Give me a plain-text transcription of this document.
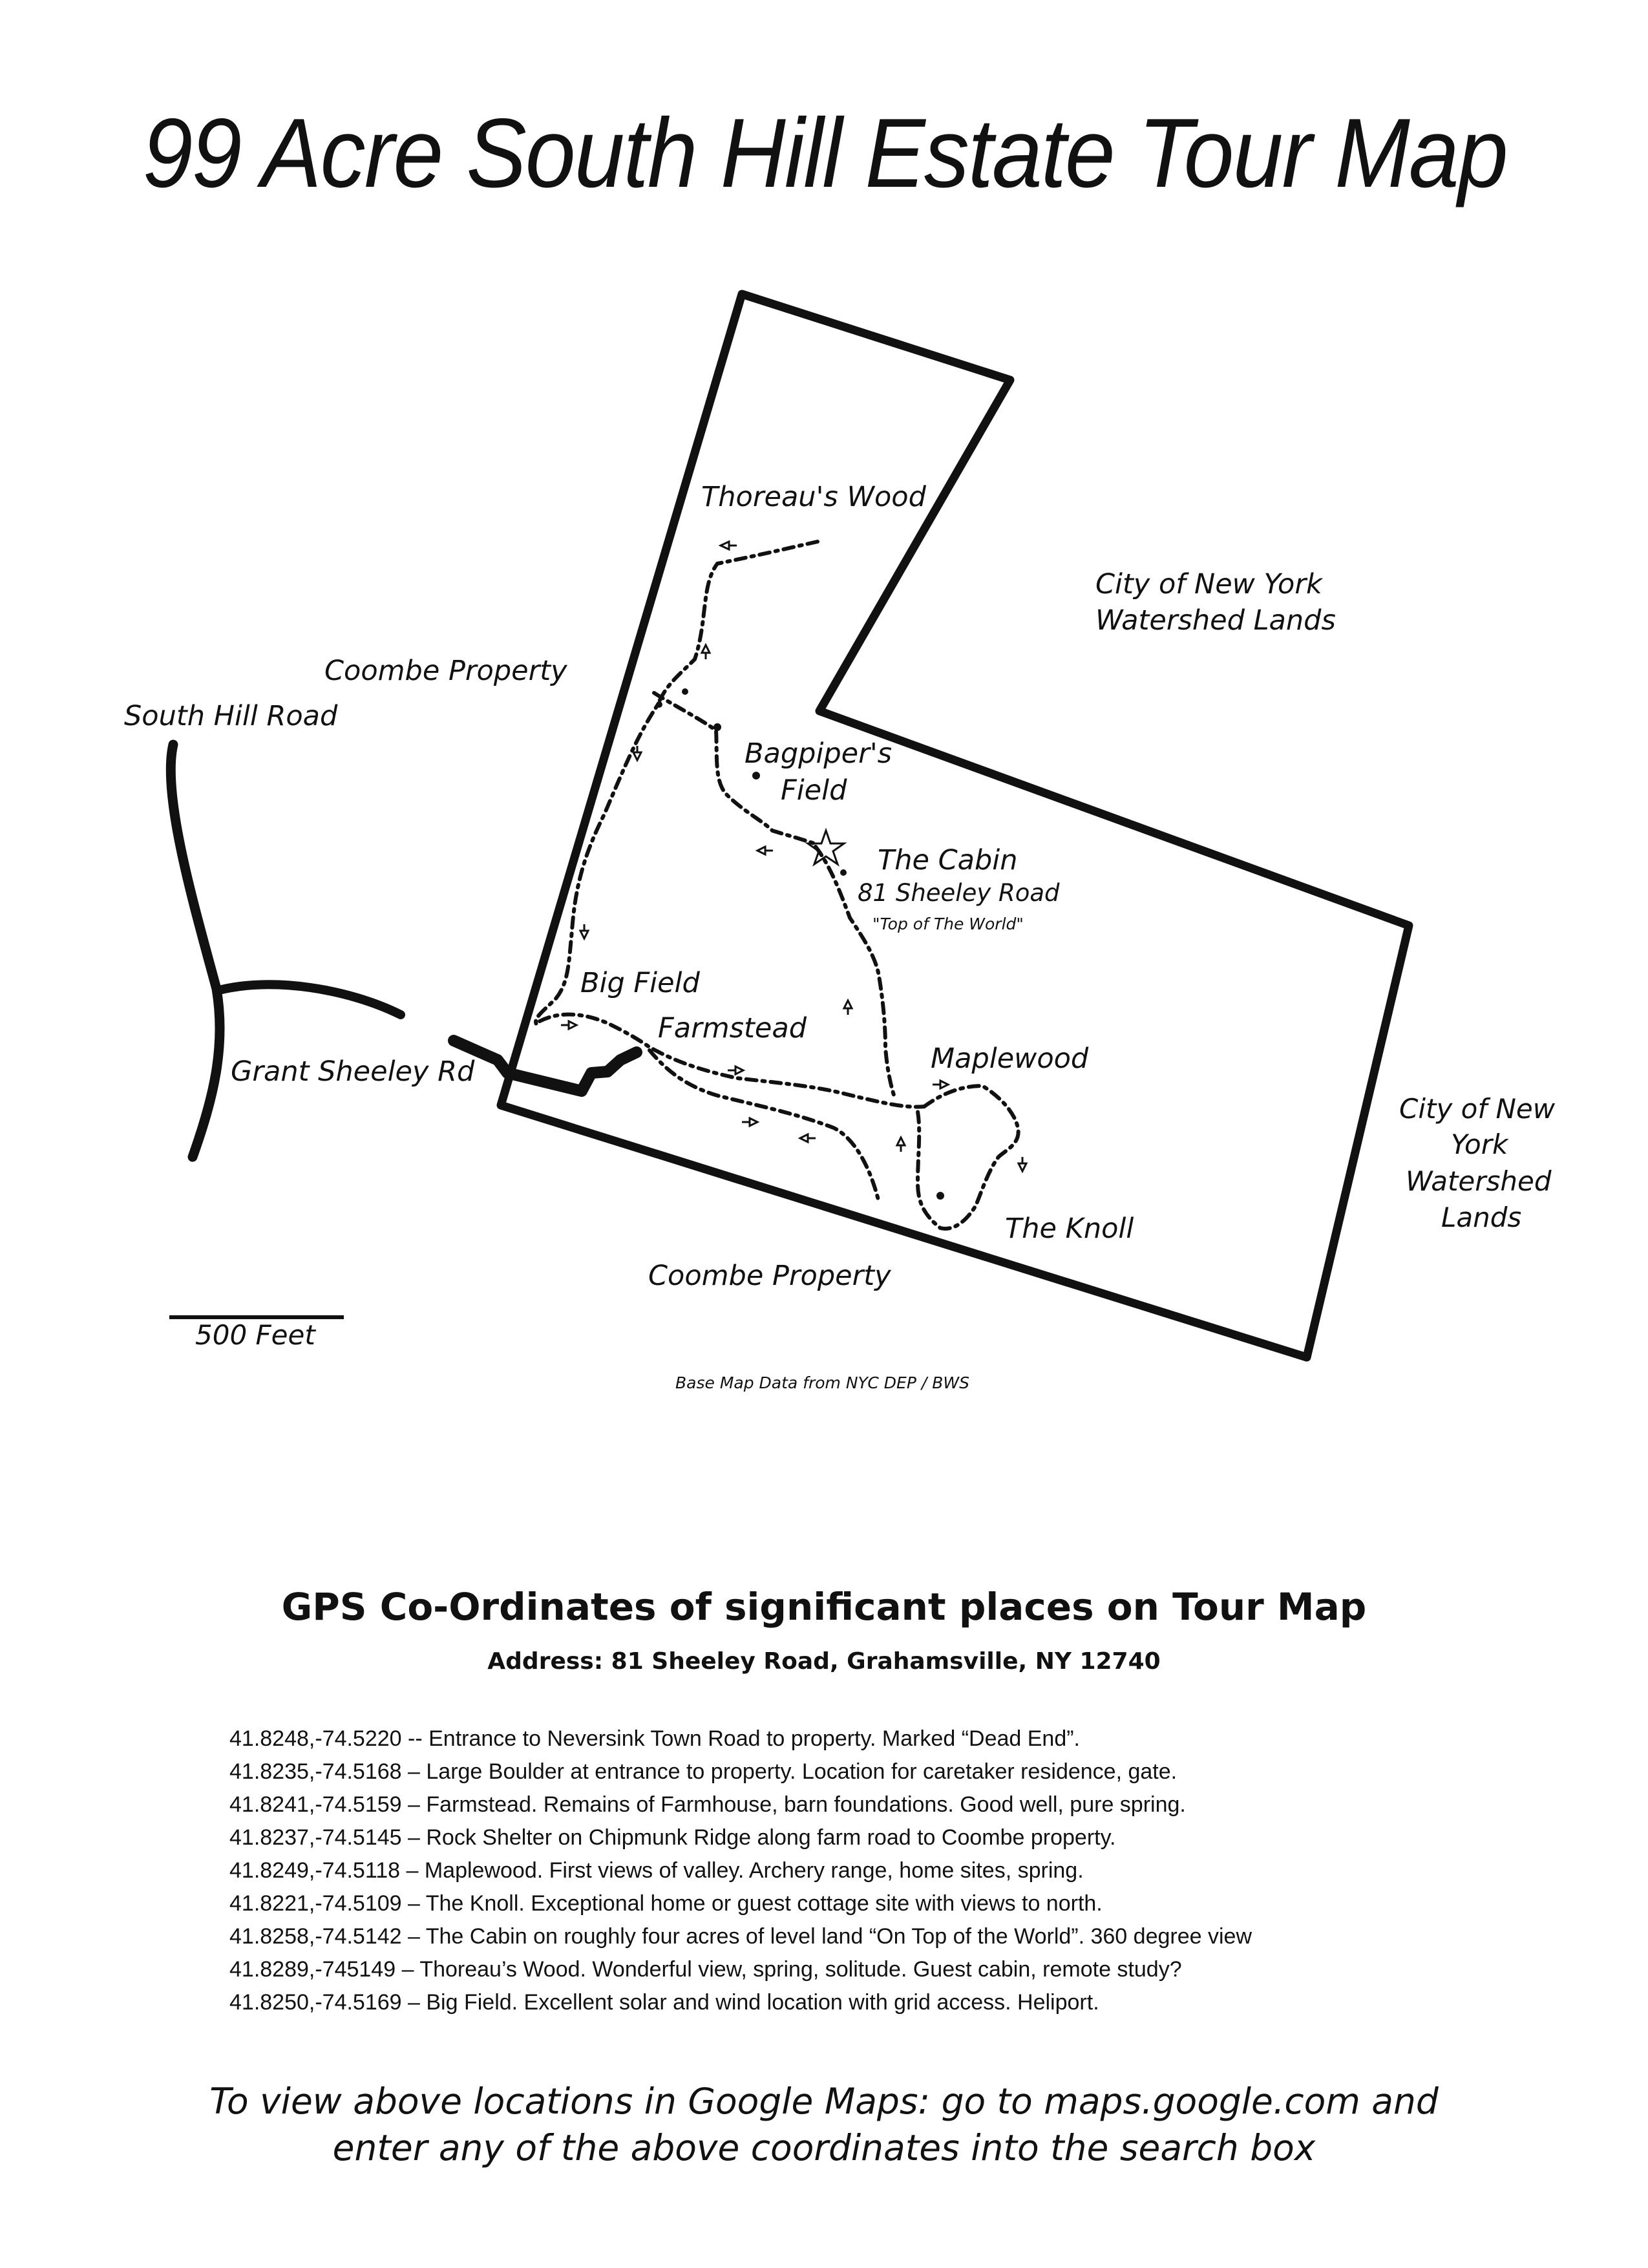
99 Acre South Hill Estate Tour Map
Thoreau's Wood
City of New York
Watershed Lands
Coombe Property
South Hill Road
Bagpiper's
Field
The Cabin
81 Sheeley Road
"Top of The World"
Big Field
Farmstead
Maplewood
Grant Sheeley Rd
The Knoll
City of New
York
Watershed
Lands
Coombe Property
500 Feet
Base Map Data from NYC DEP / BWS
GPS Co-Ordinates of significant places on Tour Map
Address: 81 Sheeley Road, Grahamsville, NY 12740
41.8248,-74.5220 -- Entrance to Neversink Town Road to property. Marked “Dead End”.
41.8235,-74.5168 – Large Boulder at entrance to property. Location for caretaker residence, gate.
41.8241,-74.5159 – Farmstead. Remains of Farmhouse, barn foundations. Good well, pure spring.
41.8237,-74.5145 – Rock Shelter on Chipmunk Ridge along farm road to Coombe property.
41.8249,-74.5118 – Maplewood. First views of valley. Archery range, home sites, spring.
41.8221,-74.5109 – The Knoll. Exceptional home or guest cottage site with views to north.
41.8258,-74.5142 – The Cabin on roughly four acres of level land “On Top of the World”. 360 degree view
41.8289,-745149 – Thoreau’s Wood. Wonderful view, spring, solitude. Guest cabin, remote study?
41.8250,-74.5169 – Big Field. Excellent solar and wind location with grid access. Heliport.
To view above locations in Google Maps: go to maps.google.com and
enter any of the above coordinates into the search box
